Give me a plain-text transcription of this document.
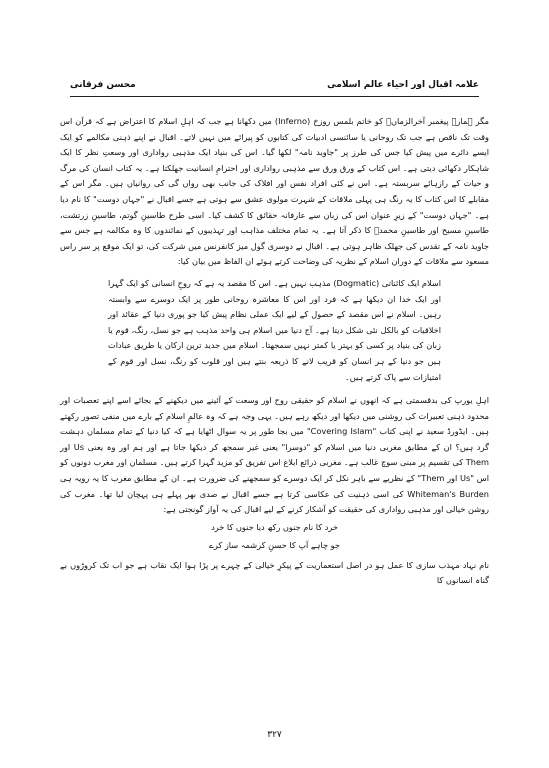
علامہ اقبال اور احیاء عالم اسلامی
محسن فرقانی

مگر ہمارے پیغمبر آخرالزماںؐ کو خاتم بلمس روزخ (Inferno) میں دکھانا ہے جب کہ اہلِ اسلام کا اعتراض ہے کہ قرآن اس وقت تک ناقص ہے جب تک روحانی یا سائنسی ادبیات کی کتابوں کو پیرائے میں نہیں لاتے۔ اقبال نے اپنے ذہنی مکالمے کو ایک ایسے دائرے میں پیش کیا جس کی طرز پر "جاوید نامہ" لکھا گیا۔ اس کی بنیاد ایک مذہبی رواداری اور وسعتِ نظر کا ایک شاہکار دکھائی دیتی ہے۔ اس کتاب کے ورق ورق سے مذہبی رواداری اور احترامِ انسانیت جھلکتا ہے۔ یہ کتاب انسان کی مرگ و حیات کے رازہائے سربستہ ہے۔ اس نے کئی افراد نفس اور افلاک کی جانب بھی رواں گی کی روانیاں ہیں۔ مگر اس کے مقابلے کا اس کتاب کا یہ رنگ ہی پہلی ملاقات کے شہرت مولوی عشق سے ہوتی ہے جسے اقبال نے "جہاں دوست" کا نام دیا ہے۔ "جہاں دوست" کے زیرِ عنوان اس کی زبان سے عارفانہ حقائق کا کشف کیا۔ اسی طرح طاسینِ گوتم، طاسینِ زرتشت، طاسینِ مسیح اور طاسینِ محمدؐ کا ذکر آتا ہے۔ یہ تمام مختلف مذاہب اور تہذیبوں کے نمائندوں کا وہ مکالمہ ہے جس سے جاوید نامہ کے تقدس کی جھلک ظاہر ہوتی ہے۔ اقبال نے دوسری گول میز کانفرنس میں شرکت کی، تو ایک موقع پر سر راس مسعود سے ملاقات کے دوران اسلام کے نظریہ کی وضاحت کرتے ہوئے ان الفاظ میں بیان کیا:

اسلام ایک کائناتی (Dogmatic) مذہب نہیں ہے۔ اس کا مقصد یہ ہے کہ روحِ انسانی کو ایک گہرا اور ایک خدا ان دیکھا ہے کہ فرد اور اس کا معاشرہ روحانی طور پر ایک دوسرے سے وابستہ رہیں۔ اسلام نے اس مقصد کے حصول کے لیے ایک عملی نظام پیش کیا جو پوری دنیا کے عقائد اور اخلاقیات کو بالکل نئی شکل دیتا ہے۔ آج دنیا میں اسلام ہی واحد مذہب ہے جو نسل، رنگ، قوم یا زبان کی بنیاد پر کسی کو بہتر یا کمتر نہیں سمجھتا۔ اسلام میں جدید ترین ارکان یا طریق عبادات ہیں جو دنیا کے ہر انسان کو قریب لانے کا ذریعہ بنتے ہیں اور قلوب کو رنگ، نسل اور قوم کے امتیازات سے پاک کرتے ہیں۔

اہلِ یورپ کی بدقسمتی ہے کہ انھوں نے اسلام کو حقیقی روح اور وسعت کے آئینے میں دیکھنے کے بجائے اسے اپنے تعصبات اور محدود ذہنی تعبیرات کی روشنی میں دیکھا اور دیکھ رہے ہیں۔ یہی وجہ ہے کہ وہ عالمِ اسلام کے بارے میں منفی تصور رکھتے ہیں۔ ایڈورڈ سعید نے اپنی کتاب "Covering Islam" میں بجا طور پر یہ سوال اٹھایا ہے کہ کیا دنیا کے تمام مسلمان دہشت گرد ہیں؟ ان کے مطابق مغربی دنیا میں اسلام کو "دوسرا" یعنی غیر سمجھ کر دیکھا جاتا ہے اور ہم اور وہ یعنی Us اور Them کی تقسیم پر مبنی سوچ غالب ہے۔ مغربی ذرائع ابلاغ اس تفریق کو مزید گہرا کرتے ہیں۔ مسلمان اور مغرب دونوں کو اس "Us اور Them" کے نظریے سے باہر نکل کر ایک دوسرے کو سمجھنے کی ضرورت ہے۔ ان کے مطابق مغرب کا یہ رویہ ہی Whiteman's Burden کی اسی ذہنیت کی عکاسی کرتا ہے جسے اقبال نے صدی بھر پہلے ہی پہچان لیا تھا۔ مغرب کی روشن خیالی اور مذہبی رواداری کی حقیقت کو آشکار کرنے کے لیے اقبال کی یہ آواز گونجتی ہے:

خرد کا نام جنوں رکھ دیا جنوں کا خرد
جو چاہے آپ کا حسنِ کرشمہ ساز کرے

نام نہاد مہذب سازی کا عمل ہو در اصل استعماریت کے پیکرِ خیالی کے چہرے پر پڑا ہوا ایک نقاب ہے جو اب تک کروڑوں بے گناہ انسانوں کا

۳۲۷
